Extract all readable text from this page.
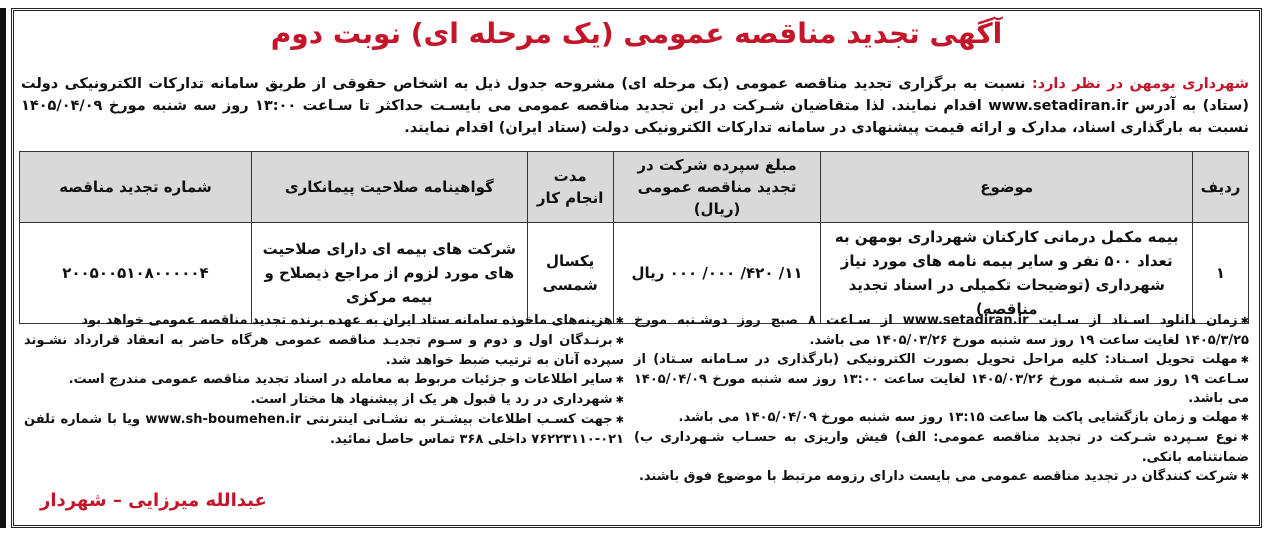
آگهی تجدید مناقصه عمومی (یک مرحله ای) نوبت دوم
شهرداری بومهن در نظر دارد: نسبت به برگزاری تجدید مناقصه عمومی (یک مرحله ای) مشروحه جدول ذیل به اشخاص حقوقی از طریق سامانه تدارکات الکترونیکی دولت (ستاد) به آدرس www.setadiran.ir اقدام نمایند. لذا متقاضیان شـرکت در این تجدید مناقصه عمومی می بایسـت حداکثر تا سـاعت ۱۳:۰۰ روز سه شنبه مورخ ۱۴۰۵/۰۴/۰۹ نسبت به بارگذاری اسناد، مدارک و ارائه قیمت پیشنهادی در سامانه تدارکات الکترونیکی دولت (ستاد ایران) اقدام نمایند.
ردیف	موضوع	مبلغ سپرده شرکت در تجدید مناقصه عمومی (ریال)	مدت انجام کار	گواهینامه صلاحیت پیمانکاری	شماره تجدید مناقصه
۱	بیمه مکمل درمانی کارکنان شهرداری بومهن به تعداد ۵۰۰ نفر و سایر بیمه نامه های مورد نیاز شهرداری (توضیحات تکمیلی در اسناد تجدید مناقصه)	۱۱/ ۴۲۰/ ۰۰۰/ ۰۰۰ ریال	یکسال شمسی	شرکت های بیمه ای دارای صلاحیت های مورد لزوم از مراجع ذیصلاح و بیمه مرکزی	۲۰۰۵۰۰۵۱۰۸۰۰۰۰۰۴
✱زمان دانلود اسـناد از سـایت www.setadiran.ir از سـاعت ۸ صبح روز دوشـنبه مورخ ۱۴۰۵/۳/۲۵ لغایت ساعت ۱۹ روز سه شنبه مورخ ۱۴۰۵/۰۳/۲۶ می باشد.
✱مهلت تحویل اسـناد: کلیه مراحل تحویل بصورت الکترونیکی (بارگذاری در سـامانه سـتاد) از سـاعت ۱۹ روز سه شـنبه مورخ ۱۴۰۵/۰۳/۲۶ لغایت ساعت ۱۳:۰۰ روز سه شنبه مورخ ۱۴۰۵/۰۴/۰۹ می باشد.
✱مهلت و زمان بازگشایی پاکت ها ساعت ۱۳:۱۵ روز سه شنبه مورخ ۱۴۰۵/۰۴/۰۹ می باشد.
✱نوع سـپرده شـرکت در تجدید مناقصه عمومی: الف) فیش واریزی به حسـاب شـهرداری ب) ضمانتنامه بانکی.
✱شرکت کنندگان در تجدید مناقصه عمومی می بایست دارای رزومه مرتبط با موضوع فوق باشند.
✱هزینه‌های ماخوذه سامانه ستاد ایران به عهده برنده تجدید مناقصه عمومی خواهد بود
✱برنـدگان اول و دوم و سـوم تجدیـد مناقصه عمومی هرگاه حاضر به انعقاد قرارداد نشـوند سپرده آنان به ترتیب ضبط خواهد شد.
✱سایر اطلاعات و جزئیات مربوط به معامله در اسناد تجدید مناقصه عمومی مندرج است.
✱شهرداری در رد یا قبول هر یک از پیشنهاد ها مختار است.
✱جهت کسـب اطلاعات بیشـتر به نشـانی اینترنتی www.sh-boumehen.ir ویا با شماره تلفن ۰۲۱-۷۶۲۲۳۱۱۰ داخلی ۳۶۸ تماس حاصل نمائید.
عبدالله میرزایی – شهردار
